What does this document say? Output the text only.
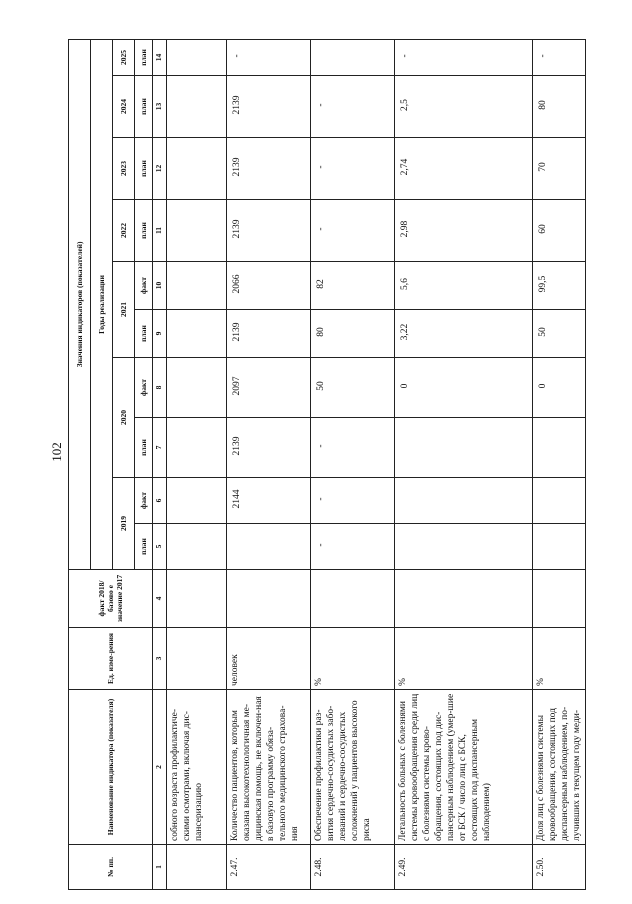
102
№ пп.	Наименование индикатора (показателя)	Ед. изме-рения	факт 2018/базово е значение 2017	Значения индикаторов (показателей)									
				Годы реализации									
				2019		2020		2021		2022	2023	2024	2025
				план	факт	план	факт	план	факт	план	план	план	план
1	2	3	4	5	6	7	8	9	10	11	12	13	14
	собного возраста профилактиче-скими осмотрами, включая дис-пансеризацию												
2.47.	Количество пациентов, которым оказана высокотехнологичная ме-дицинская помощь, не включен-ная в базовую программу обяза-тельного медицинского страхова-ния	человек			2144	2139	2097	2139	2066	2139	2139	2139	-
2.48.	Обеспечение профилактики раз-вития сердечно-сосудистых забо-леваний и сердечно-сосудистых осложнений у пациентов высокого риска	%		-	-	-	50	80	82	-	-	-	
2.49.	Летальность больных с болезнями системы кровообращения среди лиц с болезнями системы крово-обращения, состоящих под дис-пансерным наблюдением (умер-шие от БСК / число лиц с БСК, состоящих под диспансерным наблюдением)	%					0	3,22	5,6	2,98	2,74	2,5	-
2.50.	Доля лиц с болезнями системы кровообращения, состоящих под диспансерным наблюдением, по-лучивших в текущем году меди-	%					0	50	99,5	60	70	80	-
